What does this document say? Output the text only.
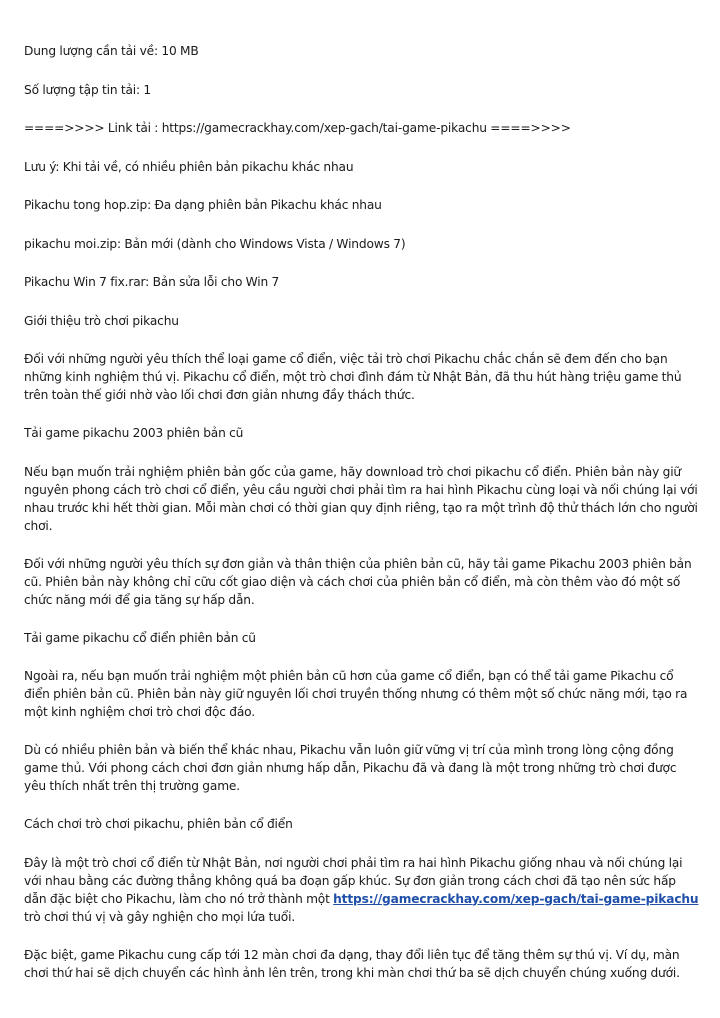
Dung lượng cần tải về: 10 MB

Số lượng tập tin tải: 1

====>>>> Link tải : https://gamecrackhay.com/xep-gach/tai-game-pikachu ====>>>>

Lưu ý: Khi tải về, có nhiều phiên bản pikachu khác nhau

Pikachu tong hop.zip: Đa dạng phiên bản Pikachu khác nhau

pikachu moi.zip: Bản mới (dành cho Windows Vista / Windows 7)

Pikachu Win 7 fix.rar: Bản sửa lỗi cho Win 7

Giới thiệu trò chơi pikachu

Đối với những người yêu thích thể loại game cổ điển, việc tải trò chơi Pikachu chắc chắn sẽ đem đến cho bạn những kinh nghiệm thú vị. Pikachu cổ điển, một trò chơi đình đám từ Nhật Bản, đã thu hút hàng triệu game thủ trên toàn thế giới nhờ vào lối chơi đơn giản nhưng đầy thách thức.

Tải game pikachu 2003 phiên bản cũ

Nếu bạn muốn trải nghiệm phiên bản gốc của game, hãy download trò chơi pikachu cổ điển. Phiên bản này giữ nguyên phong cách trò chơi cổ điển, yêu cầu người chơi phải tìm ra hai hình Pikachu cùng loại và nối chúng lại với nhau trước khi hết thời gian. Mỗi màn chơi có thời gian quy định riêng, tạo ra một trình độ thử thách lớn cho người chơi.

Đối với những người yêu thích sự đơn giản và thân thiện của phiên bản cũ, hãy tải game Pikachu 2003 phiên bản cũ. Phiên bản này không chỉ cữu cốt giao diện và cách chơi của phiên bản cổ điển, mà còn thêm vào đó một số chức năng mới để gia tăng sự hấp dẫn.

Tải game pikachu cổ điển phiên bản cũ

Ngoài ra, nếu bạn muốn trải nghiệm một phiên bản cũ hơn của game cổ điển, bạn có thể tải game Pikachu cổ điển phiên bản cũ. Phiên bản này giữ nguyên lối chơi truyền thống nhưng có thêm một số chức năng mới, tạo ra một kinh nghiệm chơi trò chơi độc đáo.

Dù có nhiều phiên bản và biến thể khác nhau, Pikachu vẫn luôn giữ vững vị trí của mình trong lòng cộng đồng game thủ. Với phong cách chơi đơn giản nhưng hấp dẫn, Pikachu đã và đang là một trong những trò chơi được yêu thích nhất trên thị trường game.

Cách chơi trò chơi pikachu, phiên bản cổ điển

Đây là một trò chơi cổ điển từ Nhật Bản, nơi người chơi phải tìm ra hai hình Pikachu giống nhau và nối chúng lại với nhau bằng các đường thẳng không quá ba đoạn gấp khúc. Sự đơn giản trong cách chơi đã tạo nên sức hấp dẫn đặc biệt cho Pikachu, làm cho nó trở thành một https://gamecrackhay.com/xep-gach/tai-game-pikachu trò chơi thú vị và gây nghiện cho mọi lứa tuổi.

Đặc biệt, game Pikachu cung cấp tới 12 màn chơi đa dạng, thay đổi liên tục để tăng thêm sự thú vị. Ví dụ, màn chơi thứ hai sẽ dịch chuyển các hình ảnh lên trên, trong khi màn chơi thứ ba sẽ dịch chuyển chúng xuống dưới.
